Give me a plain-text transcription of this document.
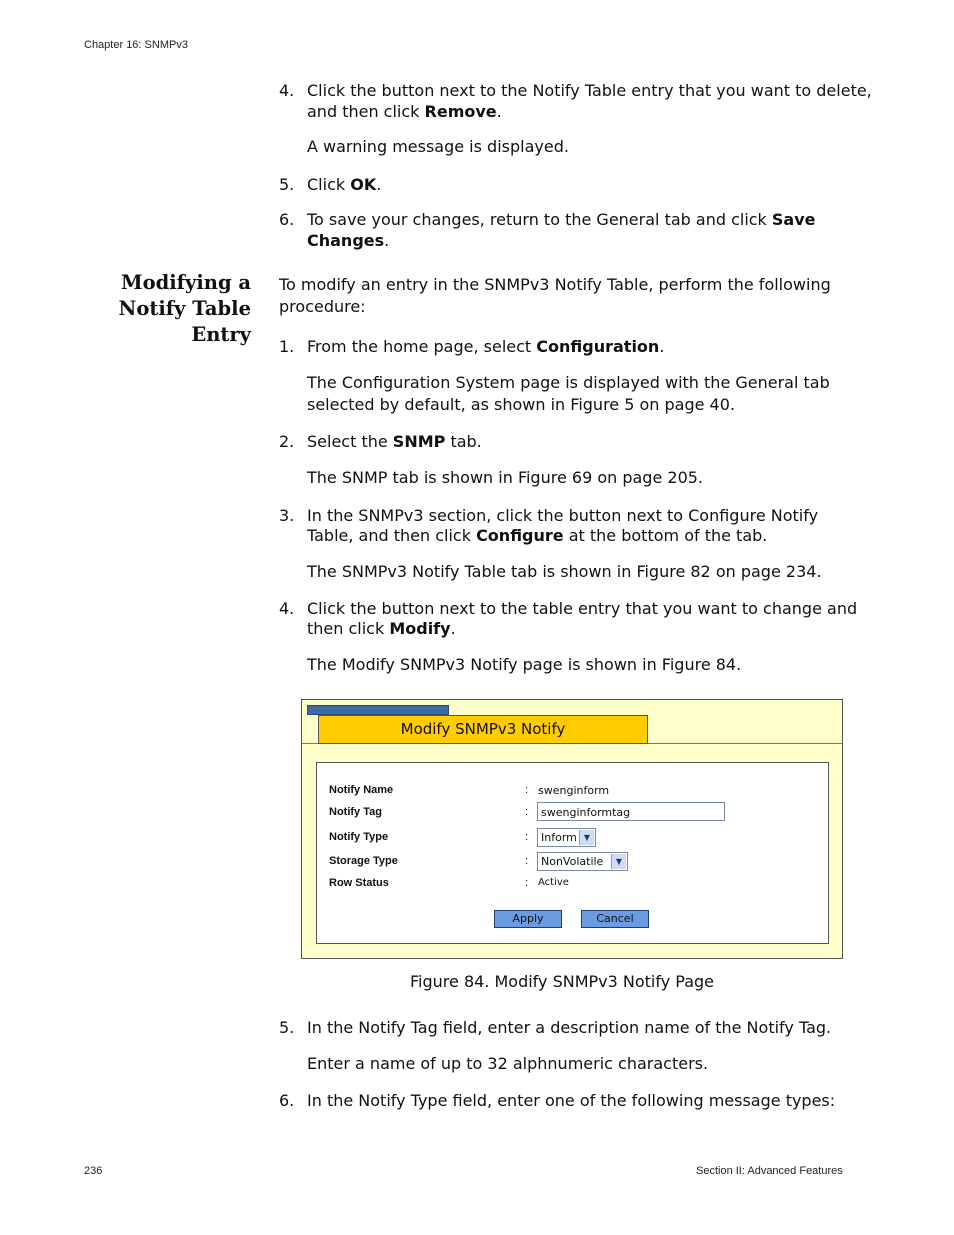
Chapter 16: SNMPv3
236	Section II: Advanced Features
4. Click the button next to the Notify Table entry that you want to delete,
and then click Remove.
A warning message is displayed.
5. Click OK.
6. To save your changes, return to the General tab and click Save
Changes.
Modifying a
Notify Table
Entry
To modify an entry in the SNMPv3 Notify Table, perform the following
procedure:
1. From the home page, select Configuration.
The Configuration System page is displayed with the General tab
selected by default, as shown in Figure 5 on page 40.
2. Select the SNMP tab.
The SNMP tab is shown in Figure 69 on page 205.
3. In the SNMPv3 section, click the button next to Configure Notify
Table, and then click Configure at the bottom of the tab.
The SNMPv3 Notify Table tab is shown in Figure 82 on page 234.
4. Click the button next to the table entry that you want to change and
then click Modify.
The Modify SNMPv3 Notify page is shown in Figure 84.
Modify SNMPv3 Notify
Notify Name	: swenginform
Notify Tag	:	swenginformtag
Notify Type	:	Inform ▼
Storage Type	:	NonVolatile	▼
Row Status	: Active
Apply	Cancel
Figure 84. Modify SNMPv3 Notify Page
5. In the Notify Tag field, enter a description name of the Notify Tag.
Enter a name of up to 32 alphnumeric characters.
6. In the Notify Type field, enter one of the following message types:
